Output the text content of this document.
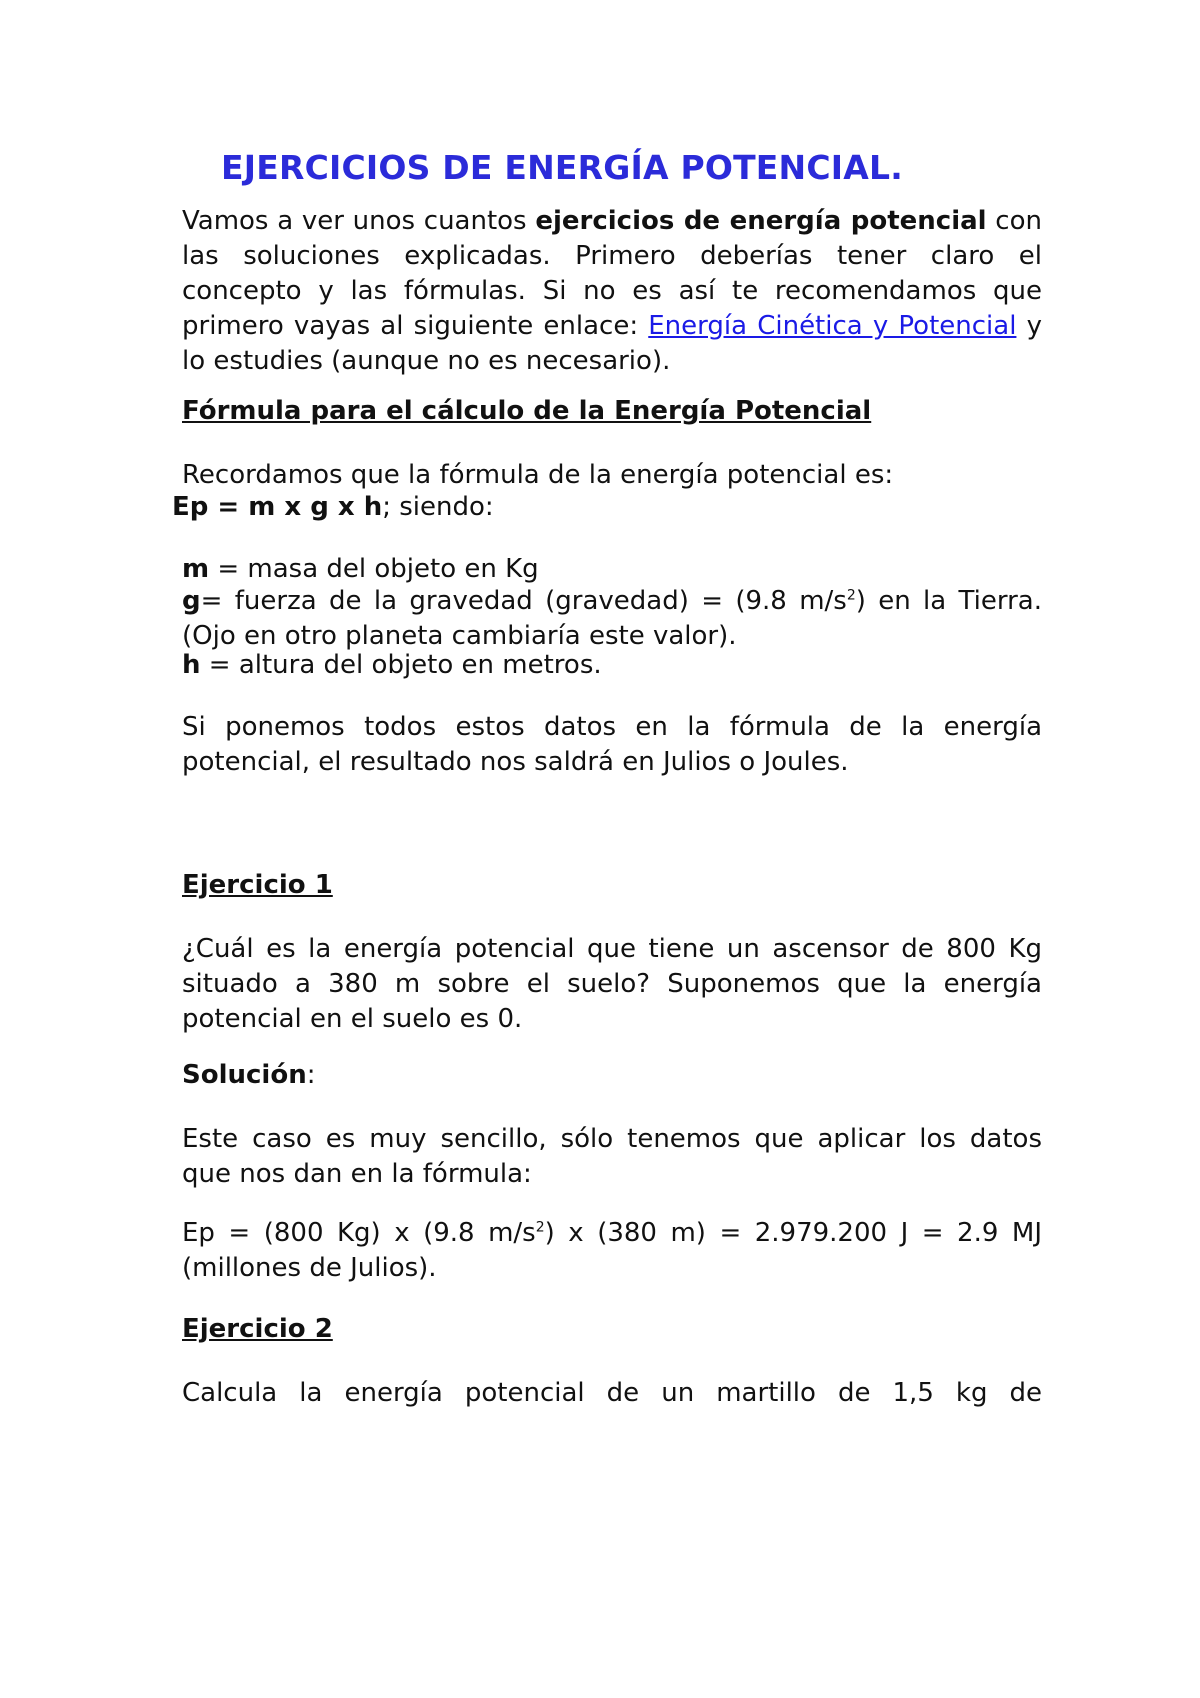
EJERCICIOS DE ENERGÍA POTENCIAL.

Vamos a ver unos cuantos ejercicios de energía potencial con las soluciones explicadas. Primero deberías tener claro el concepto y las fórmulas. Si no es así te recomendamos que primero vayas al siguiente enlace: Energía Cinética y Potencial y lo estudies (aunque no es necesario).

Fórmula para el cálculo de la Energía Potencial

Recordamos que la fórmula de la energía potencial es:

Ep = m x g x h; siendo:

m = masa del objeto en Kg

g= fuerza de la gravedad (gravedad) = (9.8 $m/s^2$) en la Tierra. (Ojo en otro planeta cambiaría este valor).

h = altura del objeto en metros.

Si ponemos todos estos datos en la fórmula de la energía potencial, el resultado nos saldrá en Julios o Joules.

Ejercicio 1

¿Cuál es la energía potencial que tiene un ascensor de 800 Kg situado a 380 m sobre el suelo? Suponemos que la energía potencial en el suelo es 0.

Solución:

Este caso es muy sencillo, sólo tenemos que aplicar los datos que nos dan en la fórmula:

Ep = (800 Kg) x (9.8 $m/s^2$) x (380 m) = 2.979.200 J = 2.9 MJ (millones de Julios).

Ejercicio 2

Calcula la energía potencial de un martillo de 1,5 kg de
